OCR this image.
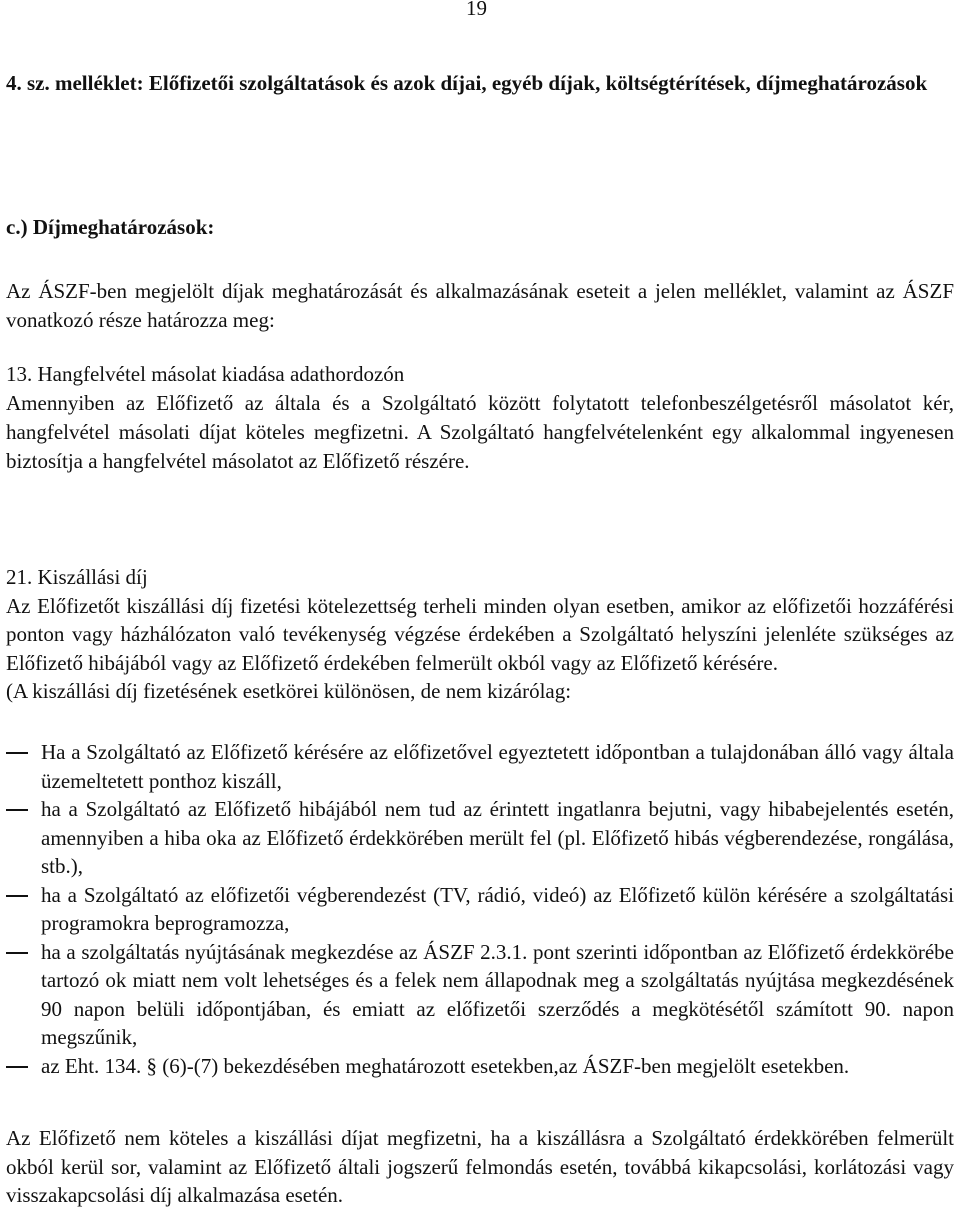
19
4. sz. melléklet: Előfizetői szolgáltatások és azok díjai, egyéb díjak, költségtérítések, díjmeghatározások
c.) Díjmeghatározások:
Az ÁSZF-ben megjelölt díjak meghatározását és alkalmazásának eseteit a jelen melléklet, valamint az ÁSZF vonatkozó része határozza meg:
13. Hangfelvétel másolat kiadása adathordozón
Amennyiben az Előfizető az általa és a Szolgáltató között folytatott telefonbeszélgetésről másolatot kér, hangfelvétel másolati díjat köteles megfizetni. A Szolgáltató hangfelvételenként egy alkalommal ingyenesen biztosítja a hangfelvétel másolatot az Előfizető részére.
21. Kiszállási díj
Az Előfizetőt kiszállási díj fizetési kötelezettség terheli minden olyan esetben, amikor az előfizetői hozzáférési ponton vagy házhálózaton való tevékenység végzése érdekében a Szolgáltató helyszíni jelenléte szükséges az Előfizető hibájából vagy az Előfizető érdekében felmerült okból vagy az Előfizető kérésére.
(A kiszállási díj fizetésének esetkörei különösen, de nem kizárólag:
Ha a Szolgáltató az Előfizető kérésére az előfizetővel egyeztetett időpontban a tulajdonában álló vagy általa üzemeltetett ponthoz kiszáll,
ha a Szolgáltató az Előfizető hibájából nem tud az érintett ingatlanra bejutni, vagy hibabejelentés esetén, amennyiben a hiba oka az Előfizető érdekkörében merült fel (pl. Előfizető hibás végberendezése, rongálása, stb.),
ha a Szolgáltató az előfizetői végberendezést (TV, rádió, videó) az Előfizető külön kérésére a szolgáltatási programokra beprogramozza,
ha a szolgáltatás nyújtásának megkezdése az ÁSZF 2.3.1. pont szerinti időpontban az Előfizető érdekkörébe tartozó ok miatt nem volt lehetséges és a felek nem állapodnak meg a szolgáltatás nyújtása megkezdésének 90 napon belüli időpontjában, és emiatt az előfizetői szerződés a megkötésétől számított 90. napon megszűnik,
az Eht. 134. § (6)-(7) bekezdésében meghatározott esetekben,az ÁSZF-ben megjelölt esetekben.
Az Előfizető nem köteles a kiszállási díjat megfizetni, ha a kiszállásra a Szolgáltató érdekkörében felmerült okból kerül sor, valamint az Előfizető általi jogszerű felmondás esetén, továbbá kikapcsolási, korlátozási vagy visszakapcsolási díj alkalmazása esetén.
